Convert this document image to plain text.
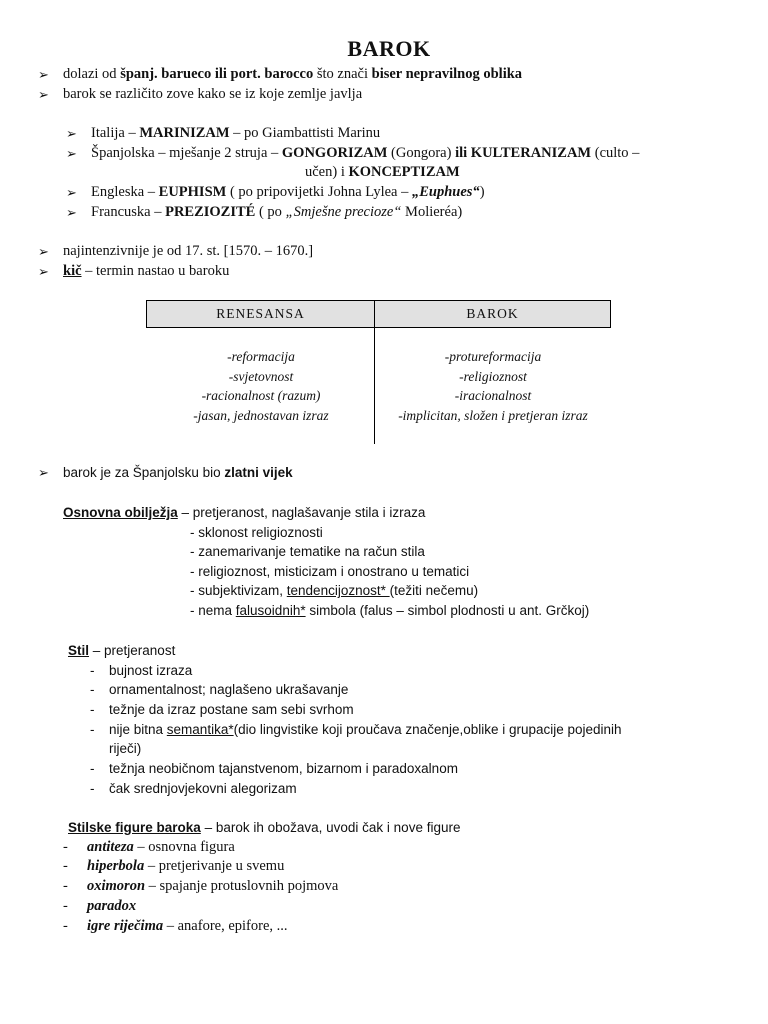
BAROK
➢ dolazi od španj. barueco ili port. barocco što znači biser nepravilnog oblika
➢ barok se različito zove kako se iz koje zemlje javlja
➢ Italija – MARINIZAM – po Giambattisti Marinu
➢ Španjolska – mješanje 2 struja – GONGORIZAM (Gongora) ili KULTERANIZAM (culto –
učen) i KONCEPTIZAM
➢ Engleska – EUPHISM ( po pripovijetki Johna Lylea – „Euphues“)
➢ Francuska – PREZIOZITÉ ( po „Smješne precioze“ Molieréa)
➢ najintenzivnije je od 17. st. [1570. – 1670.]
➢ kič – termin nastao u baroku
RENESANSA	BAROK
-reformacija
-svjetovnost
-racionalnost (razum)
-jasan, jednostavan izraz
-protureformacija
-religioznost
-iracionalnost
-implicitan, složen i pretjeran izraz
➢ barok je za Španjolsku bio zlatni vijek
Osnovna obilježja – pretjeranost, naglašavanje stila i izraza
- sklonost religioznosti
- zanemarivanje tematike na račun stila
- religioznost, misticizam i onostrano u tematici
- subjektivizam, tendencijoznost* (težiti nečemu)
- nema falusoidnih* simbola (falus – simbol plodnosti u ant. Grčkoj)
Stil – pretjeranost
- bujnost izraza
- ornamentalnost; naglašeno ukrašavanje
- težnje da izraz postane sam sebi svrhom
- nije bitna semantika*(dio lingvistike koji proučava značenje,oblike i grupacije pojedinih
riječi)
- težnja neobičnom tajanstvenom, bizarnom i paradoxalnom
- čak srednjovjekovni alegorizam
Stilske figure baroka – barok ih obožava, uvodi čak i nove figure
- antiteza – osnovna figura
- hiperbola – pretjerivanje u svemu
- oximoron – spajanje protuslovnih pojmova
- paradox
- igre riječima – anafore, epifore, ...
